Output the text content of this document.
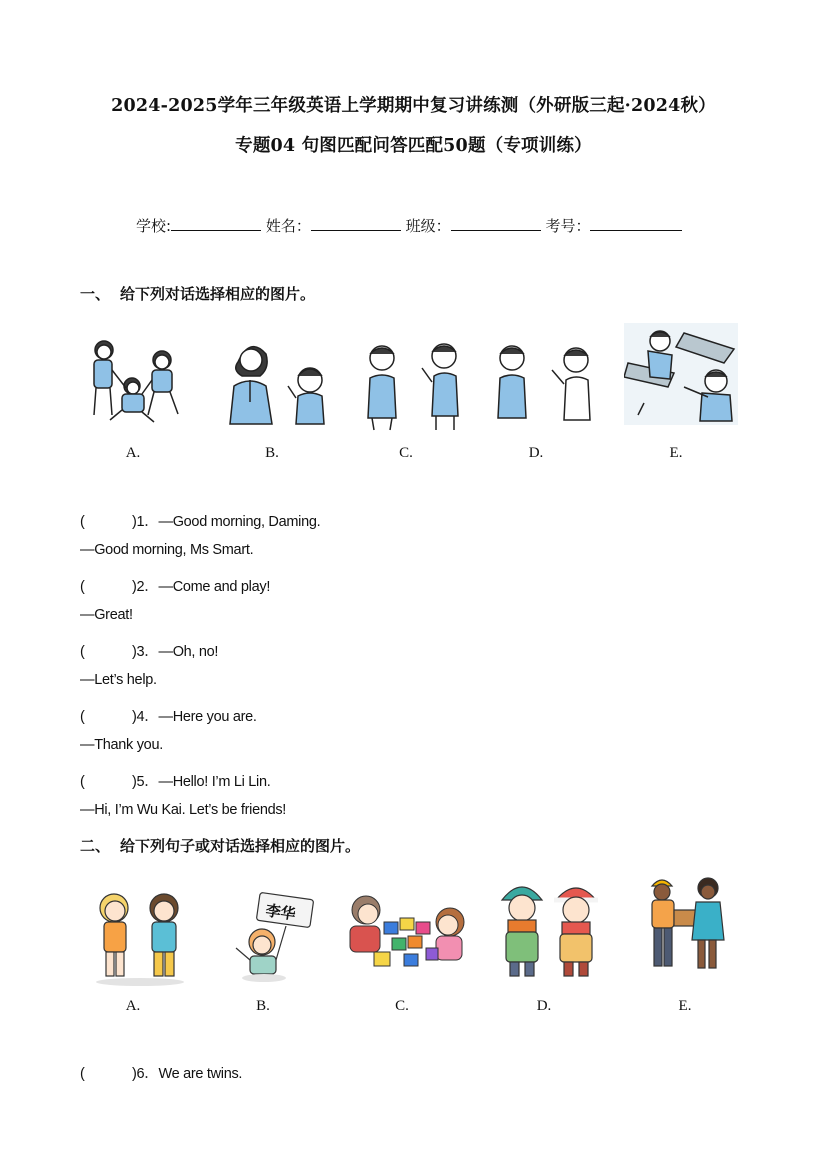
2024-2025学年三年级英语上学期期中复习讲练测（外研版三起·2024秋）
专题04 句图匹配问答匹配50题（专项训练）
学校:	姓名：	班级：	考号：
一、 给下列对话选择相应的图片。
A.	B.	C.	D.	E.
(	)1．—Good morning, Daming.
—Good morning, Ms Smart.
(	)2．—Come and play!
—Great!
(	)3．—Oh, no!
—Let’s help.
(	)4．—Here you are.
—Thank you.
(	)5．—Hello! I’m Li Lin.
—Hi, I’m Wu Kai. Let’s be friends!
二、 给下列句子或对话选择相应的图片。
李华
A.	B.	C.	D.	E.
(	)6．We are twins.
